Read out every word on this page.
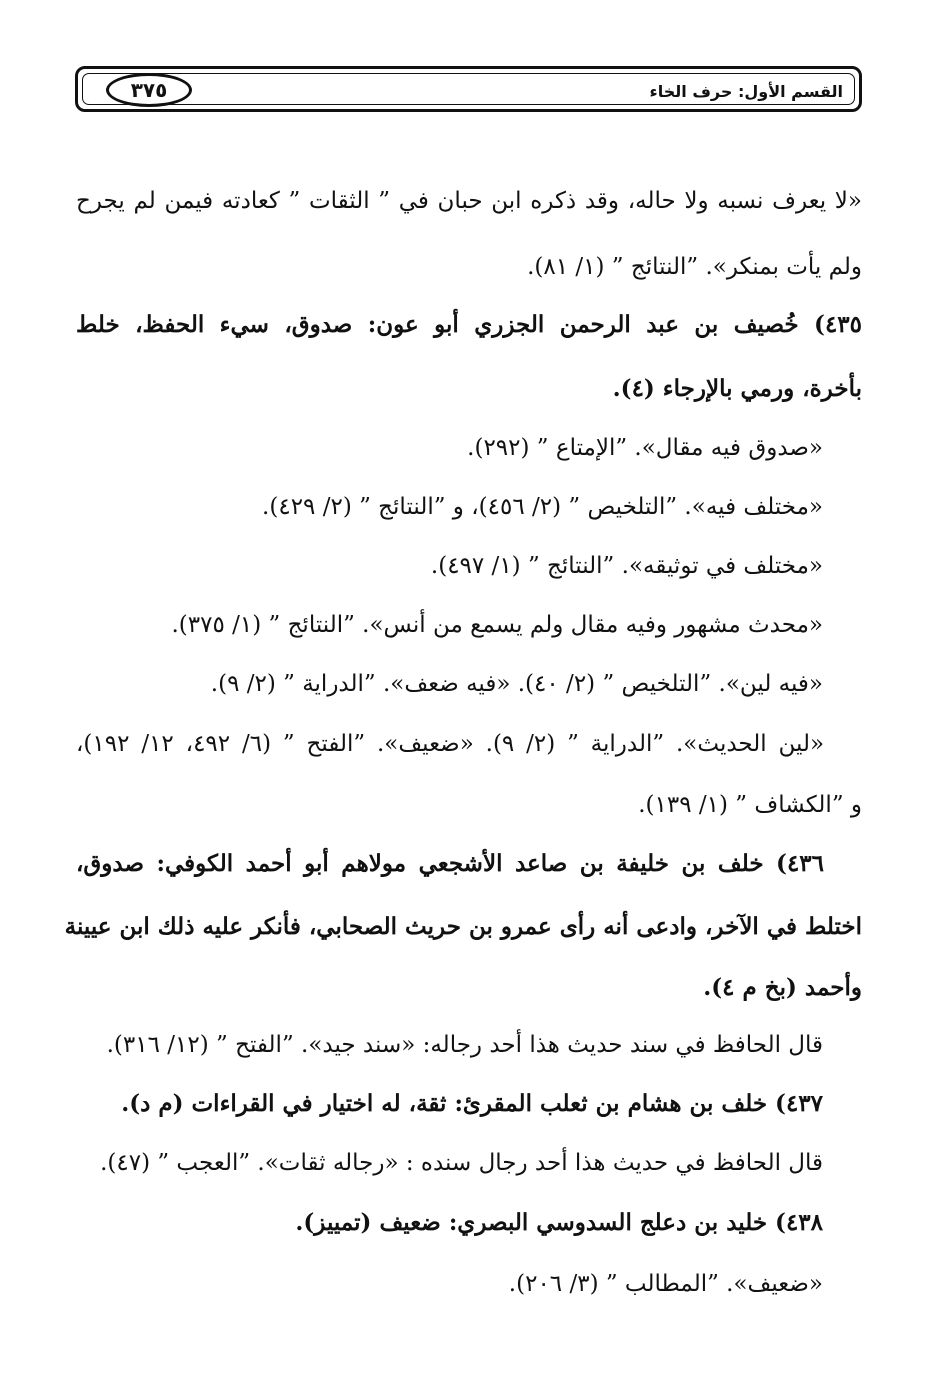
٣٧٥	القسم الأول: حرف الخاء
«لا يعرف نسبه ولا حاله، وقد ذكره ابن حبان في ” الثقات ” كعادته فيمن لم يجرح
ولم يأت بمنكر». ”النتائج ” (١/ ٨١).
٤٣٥) خُصيف بن عبد الرحمن الجزري أبو عون: صدوق، سيء الحفظ، خلط
بأخرة، ورمي بالإرجاء (٤).
«صدوق فيه مقال». ”الإمتاع ” (٢٩٢).
«مختلف فيه». ”التلخيص ” (٢/ ٤٥٦)، و ”النتائج ” (٢/ ٤٢٩).
«مختلف في توثيقه». ”النتائج ” (١/ ٤٩٧).
«محدث مشهور وفيه مقال ولم يسمع من أنس». ”النتائج ” (١/ ٣٧٥).
«فيه لين». ”التلخيص ” (٢/ ٤٠). «فيه ضعف». ”الدراية ” (٢/ ٩).
«لين الحديث». ”الدراية ” (٢/ ٩). «ضعيف». ”الفتح ” (٦/ ٤٩٢، ١٢/ ١٩٢)،
و ”الكشاف ” (١/ ١٣٩).
٤٣٦) خلف بن خليفة بن صاعد الأشجعي مولاهم أبو أحمد الكوفي: صدوق،
اختلط في الآخر، وادعى أنه رأى عمرو بن حريث الصحابي، فأنكر عليه ذلك ابن عيينة
وأحمد (بخ م ٤).
قال الحافظ في سند حديث هذا أحد رجاله: «سند جيد». ”الفتح ” (١٢/ ٣١٦).
٤٣٧) خلف بن هشام بن ثعلب المقرئ: ثقة، له اختيار في القراءات (م د).
قال الحافظ في حديث هذا أحد رجال سنده : «رجاله ثقات». ”العجب ” (٤٧).
٤٣٨) خليد بن دعلج السدوسي البصري: ضعيف (تمييز).
«ضعيف». ”المطالب ” (٣/ ٢٠٦).
